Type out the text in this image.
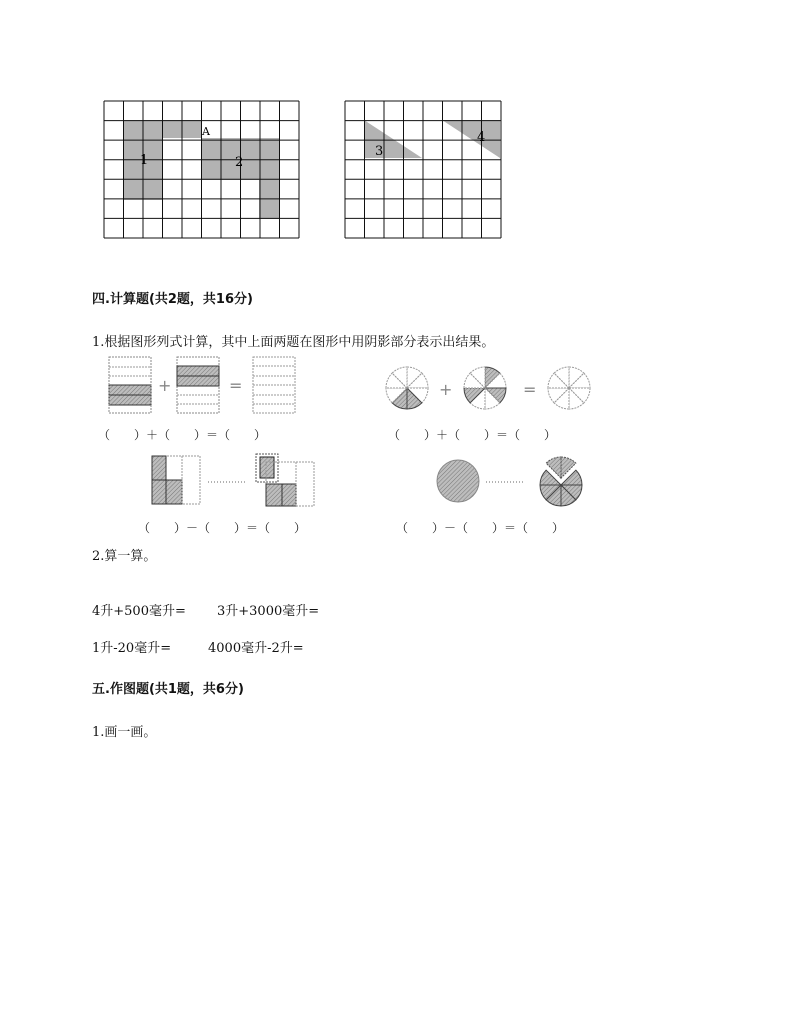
1	2
A
3
4
四.计算题(共2题，共16分)
1.根据图形列式计算，其中上面两题在图形中用阴影部分表示出结果。
+	=	+	=
（　　）＋（　　）＝（　　）	（　　）＋（　　）＝（　　）
（　　）－（　　）＝（　　）	（　　）－（　　）＝（　　）
2.算一算。
4升+500毫升= 3升+3000毫升=
1升-20毫升=	4000毫升-2升=
五.作图题(共1题，共6分)
1.画一画。
